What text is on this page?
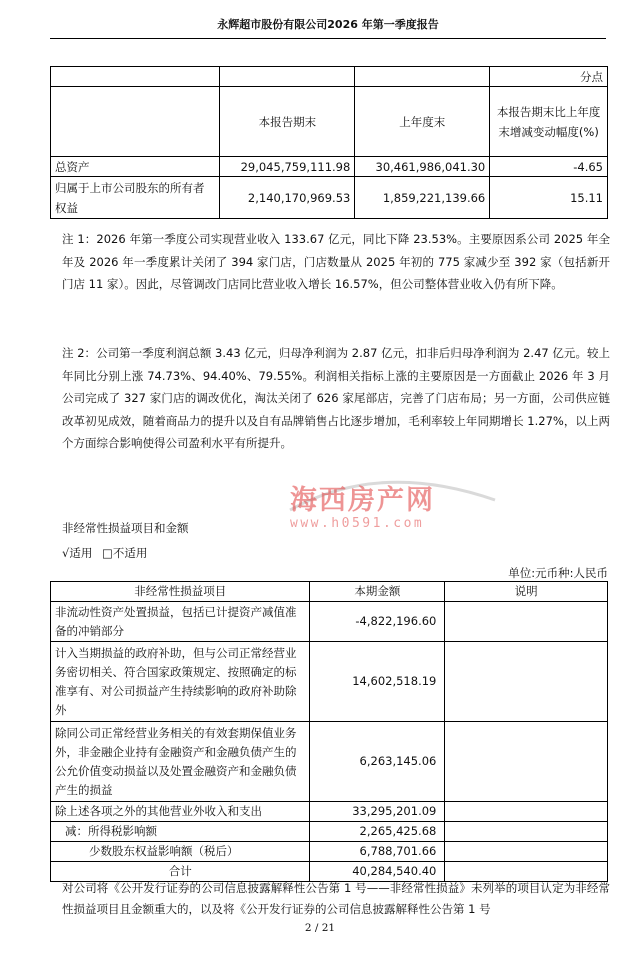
永辉超市股份有限公司2026 年第一季度报告
			分点
	本报告期末	上年度末	本报告期末比上年度末增减变动幅度(%)
总资产	29,045,759,111.98	30,461,986,041.30	-4.65
归属于上市公司股东的所有者权益	2,140,170,969.53	1,859,221,139.66	15.11
注 1：2026 年第一季度公司实现营业收入 133.67 亿元，同比下降 23.53%。主要原因系公司 2025 年全年及 2026 年一季度累计关闭了 394 家门店，门店数量从 2025 年初的 775 家减少至 392 家（包括新开门店 11 家）。因此，尽管调改门店同比营业收入增长 16.57%，但公司整体营业收入仍有所下降。
注 2：公司第一季度利润总额 3.43 亿元，归母净利润为 2.87 亿元，扣非后归母净利润为 2.47 亿元。较上年同比分别上涨 74.73%、94.40%、79.55%。利润相关指标上涨的主要原因是一方面截止 2026 年 3 月公司完成了 327 家门店的调改优化，淘汰关闭了 626 家尾部店，完善了门店布局；另一方面，公司供应链改革初见成效，随着商品力的提升以及自有品牌销售占比逐步增加，毛利率较上年同期增长 1.27%，以上两个方面综合影响使得公司盈利水平有所提升。
海西房产网
www.h0591.com
非经常性损益项目和金额
√适用 □不适用
单位:元币种:人民币
非经常性损益项目	本期金额	说明
非流动性资产处置损益，包括已计提资产减值准备的冲销部分	-4,822,196.60	
计入当期损益的政府补助，但与公司正常经营业务密切相关、符合国家政策规定、按照确定的标准享有、对公司损益产生持续影响的政府补助除外	14,602,518.19	
除同公司正常经营业务相关的有效套期保值业务外，非金融企业持有金融资产和金融负债产生的公允价值变动损益以及处置金融资产和金融负债产生的损益	6,263,145.06	
除上述各项之外的其他营业外收入和支出	33,295,201.09	
减：所得税影响额	2,265,425.68	
少数股东权益影响额（税后）	6,788,701.66	
合计	40,284,540.40	
对公司将《公开发行证券的公司信息披露解释性公告第 1 号——非经常性损益》未列举的项目认定为非经常性损益项目且金额重大的，以及将《公开发行证券的公司信息披露解释性公告第 1 号
2 / 21
